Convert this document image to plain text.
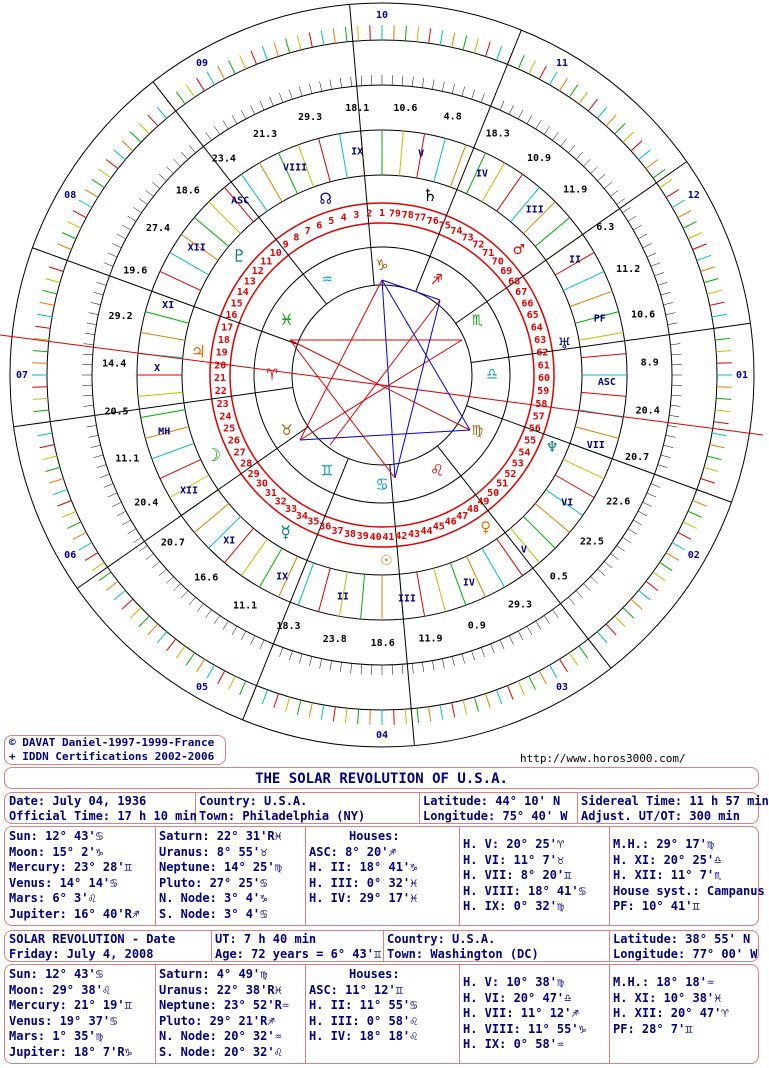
10
11
12
01
02
03
04
05
06
07
08
09
1
2
3
4
5
6
7
8
9
10
11
12
13
14
15
16
17
18
19
20
21
22
23
24
25
26
27
28
29
30
31
32
33
34
35 36 37 38 39 40 41 42 43 44 45 46
47
48
49
50
51
52
53
54
55
56
57
58
59
60
61
62
63
64
65
66
67
68
69
70
71
72
73
74
75
76
77
78
79
♈
♉
♊
♋
♌
♍
♎
♏
♐
♑
♒
♓
V
IV
III
II
PF
ASC
VII
VI
V
IV
III
II
IX
XI
XII
MH
X
XI
XII
ASC
VIII
IX
10.6
4.8
18.3
10.9
11.9
6.3
11.2
10.6
8.9
20.4
20.7
22.6
22.5
0.5
29.3
0.9
11.9
18.6
23.8
18.3
11.1
16.6
20.7
20.4
11.1
20.5
14.4
29.2
19.6
27.4
18.6
23.4
21.3
29.3
18.1
♄
♂
♅
♆
♀
☉
☿
☽
♃
♇
☊
© DAVAT Daniel-1997-1999-France
+ IDDN Certifications 2002-2006	http://www.horos3000.com/
THE SOLAR REVOLUTION OF U.S.A.
Date: July 04, 1936
Official Time: 17 h 10 min
Country: U.S.A.
Town: Philadelphia (NY)
Latitude: 44° 10' N
Longitude: 75° 40' W
Sidereal Time: 11 h 57 min
Adjust. UT/OT: 300 min
Sun: 12° 43'♋
Moon: 15° 2'♑
Mercury: 23° 28'♊
Venus: 14° 14'♋
Mars: 6° 3'♌
Jupiter: 16° 40'R♐
Saturn: 22° 31'R♓
Uranus: 8° 55'♉
Neptune: 14° 25'♍
Pluto: 27° 25'♋
N. Node: 3° 4'♑
S. Node: 3° 4'♋
Houses:
ASC: 8° 20'♐
H. II: 18° 41'♑
H. III: 0° 32'♓
H. IV: 29° 17'♓
H. V: 20° 25'♈
H. VI: 11° 7'♉
H. VII: 8° 20'♊
H. VIII: 18° 41'♋
H. IX: 0° 32'♍
M.H.: 29° 17'♍
H. XI: 20° 25'♎
H. XII: 11° 7'♏
House syst.: Campanus
PF: 10° 41'♊
SOLAR REVOLUTION - Date
Friday: July 4, 2008
UT: 7 h 40 min
Age: 72 years = 6° 43'♊
Country: U.S.A.
Town: Washington (DC)
Latitude: 38° 55' N
Longitude: 77° 00' W
Sun: 12° 43'♋
Moon: 29° 38'♌
Mercury: 21° 19'♊
Venus: 19° 37'♋
Mars: 1° 35'♍
Jupiter: 18° 7'R♑
Saturn: 4° 49'♍
Uranus: 22° 38'R♓
Neptune: 23° 52'R♒
Pluto: 29° 21'R♐
N. Node: 20° 32'♒
S. Node: 20° 32'♌
Houses:
ASC: 11° 12'♊
H. II: 11° 55'♋
H. III: 0° 58'♌
H. IV: 18° 18'♌
H. V: 10° 38'♍
H. VI: 20° 47'♎
H. VII: 11° 12'♐
H. VIII: 11° 55'♑
H. IX: 0° 58'♒
M.H.: 18° 18'♒
H. XI: 10° 38'♓
H. XII: 20° 47'♈
PF: 28° 7'♊
